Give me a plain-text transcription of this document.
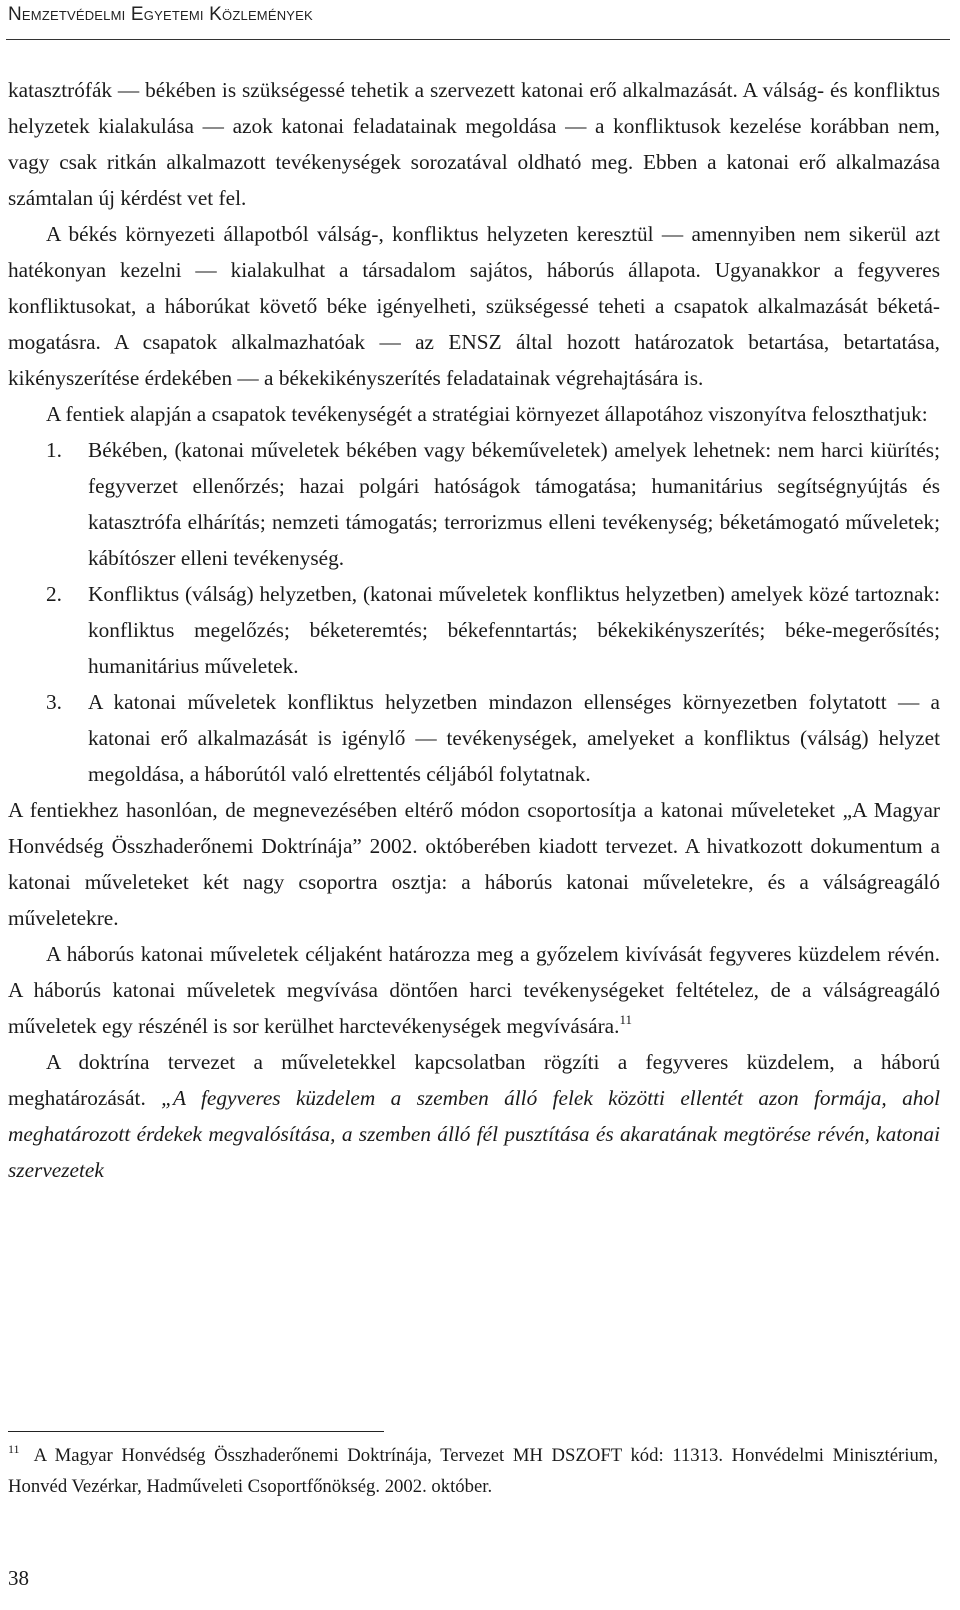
Nemzetvédelmi Egyetemi Közlemények

katasztrófák — békében is szükségessé tehetik a szervezett katonai erő alkalmazását. A válság- és konfliktus helyzetek kialakulása — azok katonai feladatainak megoldása — a konfliktusok kezelése korábban nem, vagy csak ritkán alkalmazott tevékenységek sorozatával oldható meg. Ebben a katonai erő alkalmazása számtalan új kérdést vet fel.

A békés környezeti állapotból válság-, konfliktus helyzeten keresztül — amennyiben nem sikerül azt hatékonyan kezelni — kialakulhat a társadalom sajátos, háborús állapota. Ugyanakkor a fegyveres konfliktusokat, a háborúkat követő béke igényelheti, szükségessé teheti a csapatok alkalmazását béketámogatásra. A csapatok alkalmazhatóak — az ENSZ által hozott határozatok betartása, betartatása, kikényszerítése érdekében — a békekikényszerítés feladatainak végrehajtására is.

A fentiek alapján a csapatok tevékenységét a stratégiai környezet állapotához viszonyítva feloszthatjuk:

1. Békében, (katonai műveletek békében vagy békeműveletek) amelyek lehetnek: nem harci kiürítés; fegyverzet ellenőrzés; hazai polgári hatóságok támogatása; humanitárius segítségnyújtás és katasztrófa elhárítás; nemzeti támogatás; terrorizmus elleni tevékenység; béketámogató műveletek; kábítószer elleni tevékenység.
2. Konfliktus (válság) helyzetben, (katonai műveletek konfliktus helyzetben) amelyek közé tartoznak: konfliktus megelőzés; béketeremtés; békefenntartás; békekikényszerítés; béke-megerősítés; humanitárius műveletek.
3. A katonai műveletek konfliktus helyzetben mindazon ellenséges környezetben folytatott — a katonai erő alkalmazását is igénylő — tevékenységek, amelyeket a konfliktus (válság) helyzet megoldása, a háborútól való elrettentés céljából folytatnak.

A fentiekhez hasonlóan, de megnevezésében eltérő módon csoportosítja a katonai műveleteket „A Magyar Honvédség Összhaderőnemi Doktrínája” 2002. októberében kiadott tervezet. A hivatkozott dokumentum a katonai műveleteket két nagy csoportra osztja: a háborús katonai műveletekre, és a válságreagáló műveletekre.

A háborús katonai műveletek céljaként határozza meg a győzelem kivívását fegyveres küzdelem révén. A háborús katonai műveletek megvívása döntően harci tevékenységeket feltételez, de a válságreagáló műveletek egy részénél is sor kerülhet harctevékenységek megvívására.$^{11}$

A doktrína tervezet a műveletekkel kapcsolatban rögzíti a fegyveres küzdelem, a háború meghatározását. „A fegyveres küzdelem a szemben álló felek közötti ellentét azon formája, ahol meghatározott érdekek megvalósítása, a szemben álló fél pusztítása és akaratának megtörése révén, katonai szervezetek

$^{11}$ A Magyar Honvédség Összhaderőnemi Doktrínája, Tervezet MH DSZOFT kód: 11313. Honvédelmi Minisztérium, Honvéd Vezérkar, Hadműveleti Csoportfőnökség. 2002. október.
38
